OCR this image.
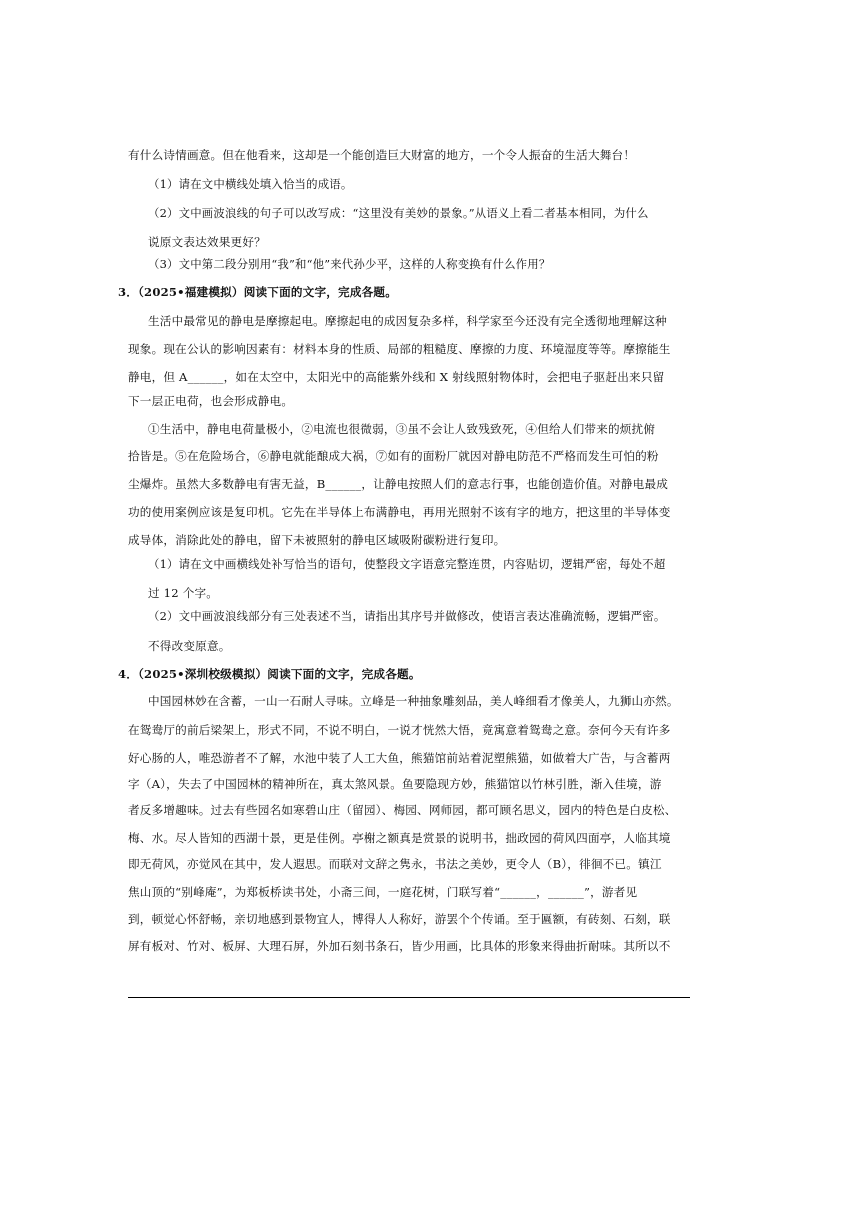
有什么诗情画意。但在他看来，这却是一个能创造巨大财富的地方，一个令人振奋的生活大舞台！
（1）请在文中横线处填入恰当的成语。
（2）文中画波浪线的句子可以改写成：“这里没有美妙的景象。”从语义上看二者基本相同，为什么
说原文表达效果更好？
（3）文中第二段分别用“我”和“他”来代孙少平，这样的人称变换有什么作用？
3．（2025•福建模拟）阅读下面的文字，完成各题。
生活中最常见的静电是摩擦起电。摩擦起电的成因复杂多样，科学家至今还没有完全透彻地理解这种
现象。现在公认的影响因素有：材料本身的性质、局部的粗糙度、摩擦的力度、环境湿度等等。摩擦能生
静电，但 A______，如在太空中，太阳光中的高能紫外线和 X 射线照射物体时，会把电子驱赶出来只留
下一层正电荷，也会形成静电。
①生活中，静电电荷量极小，②电流也很微弱，③虽不会让人致残致死，④但给人们带来的烦扰俯
拾皆是。⑤在危险场合，⑥静电就能酿成大祸，⑦如有的面粉厂就因对静电防范不严格而发生可怕的粉
尘爆炸。虽然大多数静电有害无益，B______，让静电按照人们的意志行事，也能创造价值。对静电最成
功的使用案例应该是复印机。它先在半导体上布满静电，再用光照射不该有字的地方，把这里的半导体变
成导体，消除此处的静电，留下未被照射的静电区域吸附碳粉进行复印。
（1）请在文中画横线处补写恰当的语句，使整段文字语意完整连贯，内容贴切，逻辑严密，每处不超
过 12 个字。
（2）文中画波浪线部分有三处表述不当，请指出其序号并做修改，使语言表达准确流畅，逻辑严密。
不得改变原意。
4．（2025•深圳校级模拟）阅读下面的文字，完成各题。
中国园林妙在含蓄，一山一石耐人寻味。立峰是一种抽象雕刻品，美人峰细看才像美人，九狮山亦然。
在鸳鸯厅的前后梁架上，形式不同，不说不明白，一说才恍然大悟，竟寓意着鸳鸯之意。奈何今天有许多
好心肠的人，唯恐游者不了解，水池中装了人工大鱼，熊猫馆前站着泥塑熊猫，如做着大广告，与含蓄两
字（A），失去了中国园林的精神所在，真太煞风景。鱼要隐现方妙，熊猫馆以竹林引胜，渐入佳境，游
者反多增趣味。过去有些园名如寒碧山庄（留园）、梅园、网师园，都可顾名思义，园内的特色是白皮松、
梅、水。尽人皆知的西湖十景，更是佳例。亭榭之额真是赏景的说明书，拙政园的荷风四面亭，人临其境
即无荷风，亦觉风在其中，发人遐思。而联对文辞之隽永，书法之美妙，更令人（B），徘徊不已。镇江
焦山顶的“别峰庵”，为郑板桥读书处，小斋三间，一庭花树，门联写着“______，______”，游者见
到，顿觉心怀舒畅，亲切地感到景物宜人，博得人人称好，游罢个个传诵。至于匾额，有砖刻、石刻，联
屏有板对、竹对、板屏、大理石屏，外加石刻书条石，皆少用画，比具体的形象来得曲折耐味。其所以不
